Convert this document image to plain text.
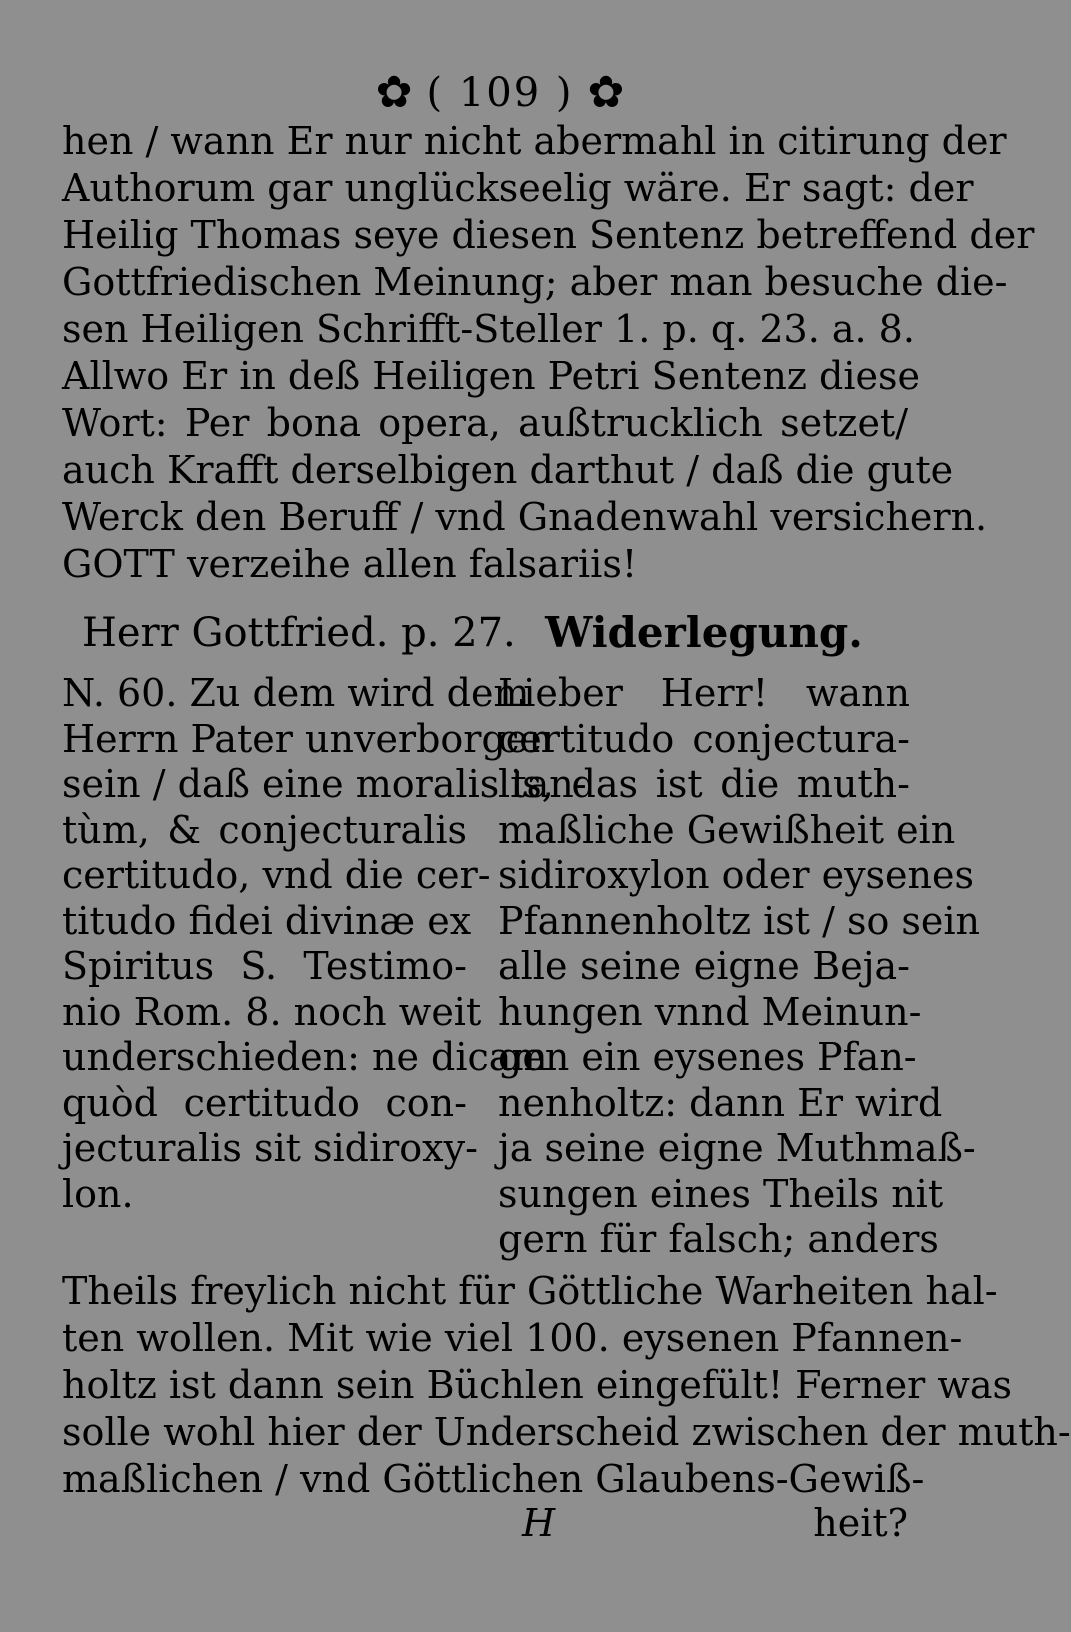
✿ ( 109 ) ✿
hen / wann Er nur nicht abermahl in citirung der
Authorum gar unglückseelig wäre. Er sagt: der
Heilig Thomas seye diesen Sentenz betreffend der
Gottfriedischen Meinung; aber man besuche die-
sen Heiligen Schrifft-Steller 1. p. q. 23. a. 8.
Allwo Er in deß Heiligen Petri Sentenz diese
Wort: Per bona opera, außtrucklich setzet/
auch Krafft derselbigen darthut / daß die gute
Werck den Beruff / vnd Gnadenwahl versichern.
GOTT verzeihe allen falsariis!
Herr Gottfried. p. 27.
N. 60. Zu dem wird dem
Herrn Pater unverborgen
sein / daß eine moralis tan-
tùm, & conjecturalis
certitudo, vnd die cer-
titudo fidei divinæ ex
Spiritus S. Testimo-
nio Rom. 8. noch weit
underschieden: ne dicam
quòd certitudo con-
jecturalis sit sidiroxy-
lon.
Widerlegung.
Lieber Herr! wann
certitudo conjectura-
lis, das ist die muth-
maßliche Gewißheit ein
sidiroxylon oder eysenes
Pfannenholtz ist / so sein
alle seine eigne Beja-
hungen vnnd Meinun-
gen ein eysenes Pfan-
nenholtz: dann Er wird
ja seine eigne Muthmaß-
sungen eines Theils nit
gern für falsch; anders
Theils freylich nicht für Göttliche Warheiten hal-
ten wollen. Mit wie viel 100. eysenen Pfannen-
holtz ist dann sein Büchlen eingefült! Ferner was
solle wohl hier der Underscheid zwischen der muth-
maßlichen / vnd Göttlichen Glaubens-Gewiß-
H	heit?
